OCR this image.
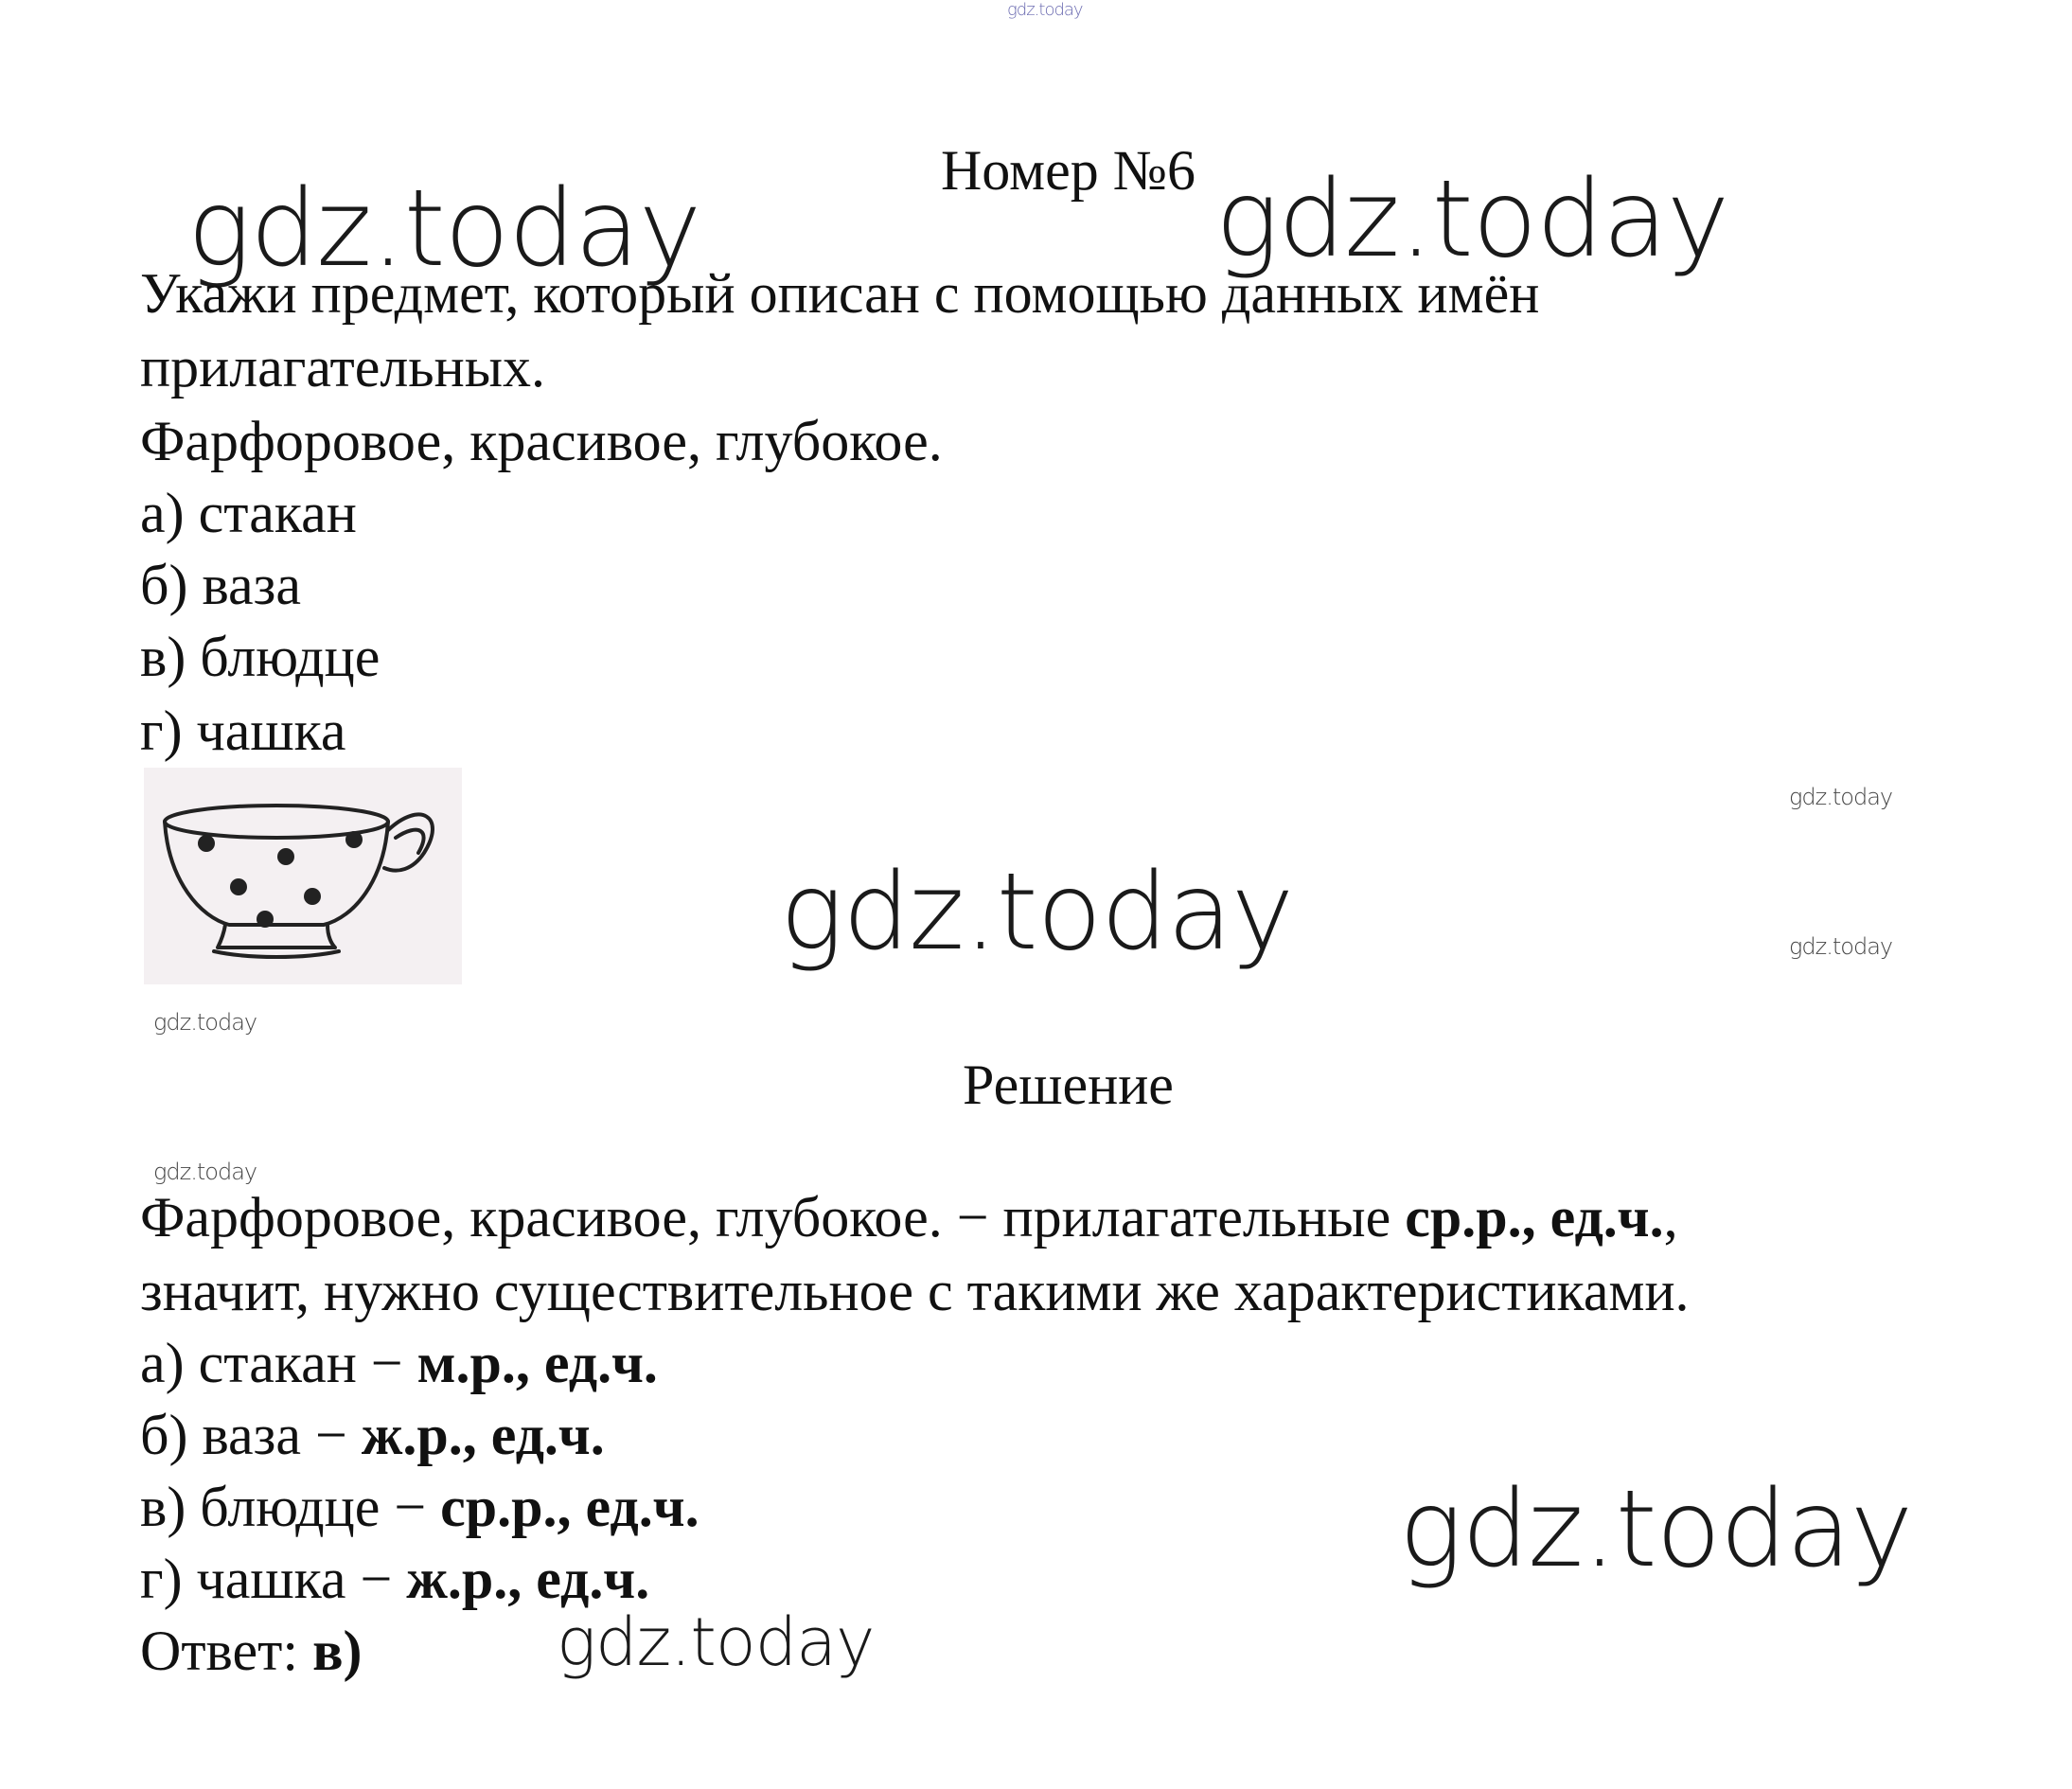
gdz.today
gdz.today	gdz.today
gdz.today
gdz.today	gdz.today
gdz.today
gdz.today
gdz.today
gdz.today
Номер №6
Укажи предмет, который описан с помощью данных имён
прилагательных.
Фарфоровое, красивое, глубокое.
а) стакан
б) ваза
в) блюдце
г) чашка
Решение
Фарфоровое, красивое, глубокое. − прилагательные ср.р., ед.ч.,
значит, нужно существительное с такими же характеристиками.
а) стакан − м.р., ед.ч.
б) ваза − ж.р., ед.ч.
в) блюдце − ср.р., ед.ч.
г) чашка − ж.р., ед.ч.
Ответ: в)
